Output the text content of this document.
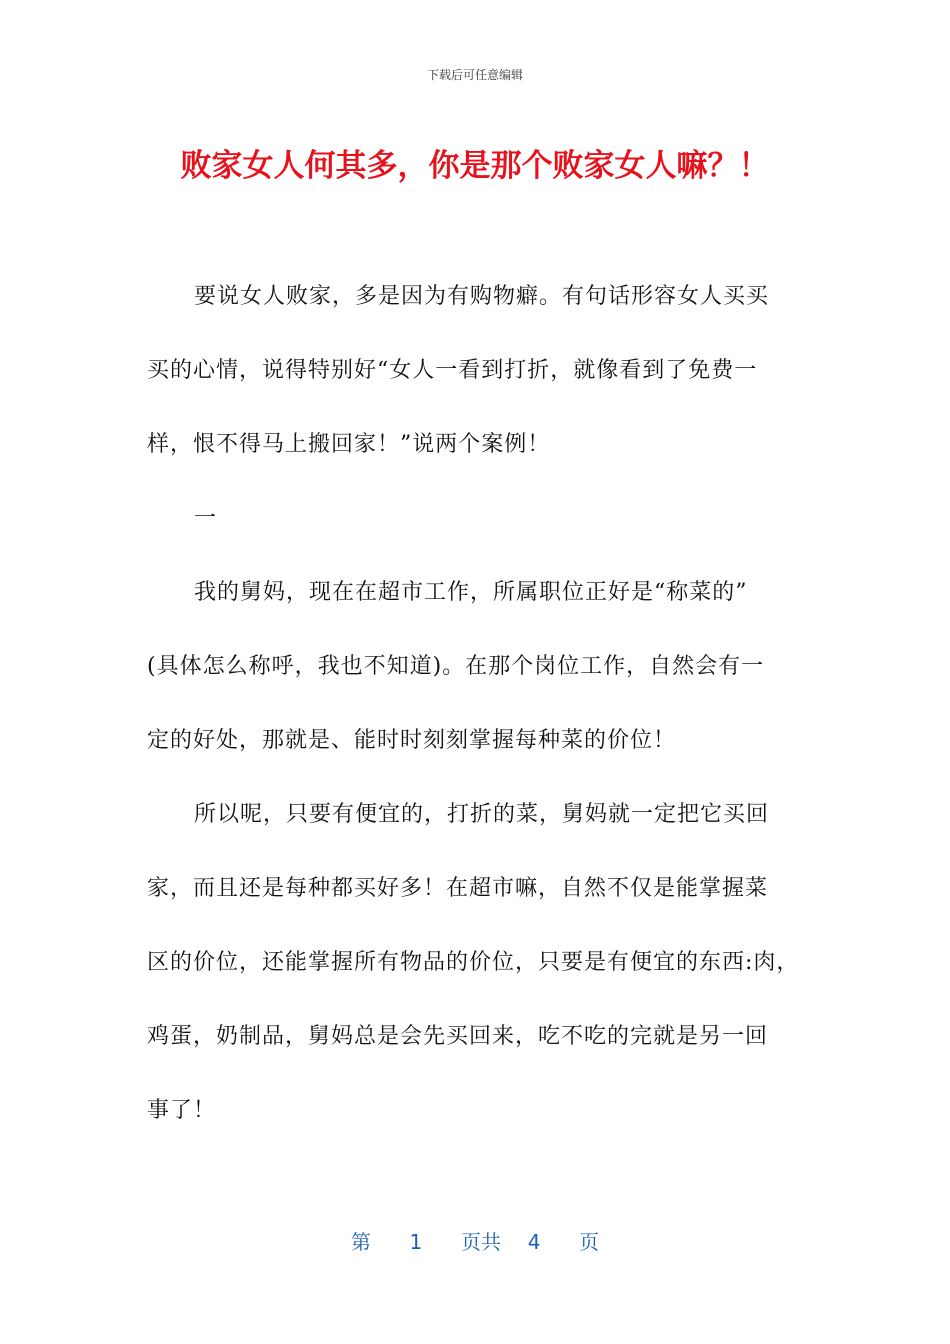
下载后可任意编辑
败家女人何其多，你是那个败家女人嘛？！
要说女人败家，多是因为有购物癖。有句话形容女人买买
买的心情，说得特别好“女人一看到打折，就像看到了免费一
样，恨不得马上搬回家！”说两个案例！
一
我的舅妈，现在在超市工作，所属职位正好是“称菜的”
(具体怎么称呼，我也不知道)。在那个岗位工作，自然会有一
定的好处，那就是、能时时刻刻掌握每种菜的价位！
所以呢，只要有便宜的，打折的菜，舅妈就一定把它买回
家，而且还是每种都买好多！在超市嘛，自然不仅是能掌握菜
区的价位，还能掌握所有物品的价位，只要是有便宜的东西:肉，
鸡蛋，奶制品，舅妈总是会先买回来，吃不吃的完就是另一回
事了！
第 1 页共 4 页
